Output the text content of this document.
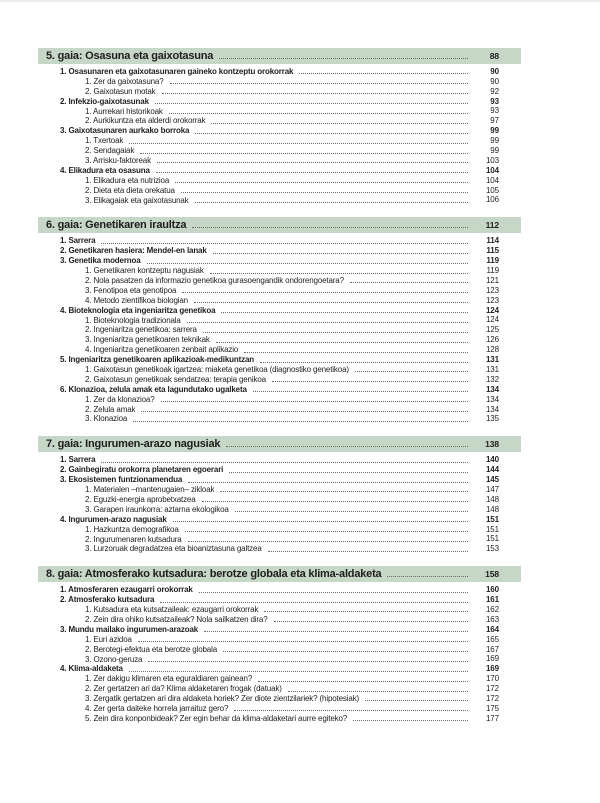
5. gaia: Osasuna eta gaixotasuna	88
1. Osasunaren eta gaixotasunaren gaineko kontzeptu orokorrak	90
1. Zer da gaixotasuna?	90
2. Gaixotasun motak	92
2. Infekzio-gaixotasunak	93
1. Aurrekari historikoak	93
2. Aurkikuntza eta alderdi orokorrak	97
3. Gaixotasunaren aurkako borroka	99
1. Txertoak	99
2. Sendagaiak	99
3. Arrisku-faktoreak	103
4. Elikadura eta osasuna	104
1. Elikadura eta nutrizioa	104
2. Dieta eta dieta orekatua	105
3. Elikagaiak eta gaixotasunak	106
6. gaia: Genetikaren iraultza	112
1. Sarrera	114
2. Genetikaren hasiera: Mendel-en lanak	115
3. Genetika modernoa	119
1. Genetikaren kontzeptu nagusiak	119
2. Nola pasatzen da informazio genetikoa gurasoengandik ondorengoetara?	121
3. Fenotipoa eta genotipoa	123
4. Metodo zientifikoa biologian	123
4. Bioteknologia eta ingeniaritza genetikoa	124
1. Bioteknologia tradizionala	124
2. Ingeniaritza genetikoa: sarrera	125
3. Ingeniaritza genetikoaren teknikak	126
4. Ingeniaritza genetikoaren zenbait aplikazio	128
5. Ingeniaritza genetikoaren aplikazioak-medikuntzan	131
1. Gaixotasun genetikoak igartzea: miaketa genetikoa (diagnostiko genetikoa)	131
2. Gaixotasun genetikoak sendatzea: terapia genikoa	132
6. Klonazioa, zelula amak eta lagundutako ugalketa	134
1. Zer da klonazioa?	134
2. Zelula amak	134
3. Klonazioa	135
7. gaia: Ingurumen-arazo nagusiak	138
1. Sarrera	140
2. Gainbegiratu orokorra planetaren egoerari	144
3. Ekosistemen funtzionamendua	145
1. Materialen –mantenugaien– zikloak	147
2. Eguzki-energia aprobetxatzea	148
3. Garapen iraunkorra: aztarna ekologikoa	148
4. Ingurumen-arazo nagusiak	151
1. Hazkuntza demografikoa	151
2. Ingurumenaren kutsadura	151
3. Lurzoruak degradatzea eta bioaniztasuna galtzea	153
8. gaia: Atmosferako kutsadura: berotze globala eta klima-aldaketa	158
1. Atmosferaren ezaugarri orokorrak	160
2. Atmosferako kutsadura	161
1. Kutsadura eta kutsatzaileak: ezaugarri orokorrak	162
2. Zein dira ohiko kutsatzaileak? Nola sailkatzen dira?	163
3. Mundu mailako ingurumen-arazoak	164
1. Euri azidoa	165
2. Berotegi-efektua eta berotze globala	167
3. Ozono-geruza	169
4. Klima-aldaketa	169
1. Zer dakigu klimaren eta eguraldiaren gainean?	170
2. Zer gertatzen ari da? Klima aldaketaren frogak (datuak)	172
3. Zergatik gertatzen ari dira aldaketa horiek? Zer diote zientzilariek? (hipotesiak)	172
4. Zer gerta daiteke horrela jarraituz gero?	175
5. Zein dira konponbideak? Zer egin behar da klima-aldaketari aurre egiteko?	177
